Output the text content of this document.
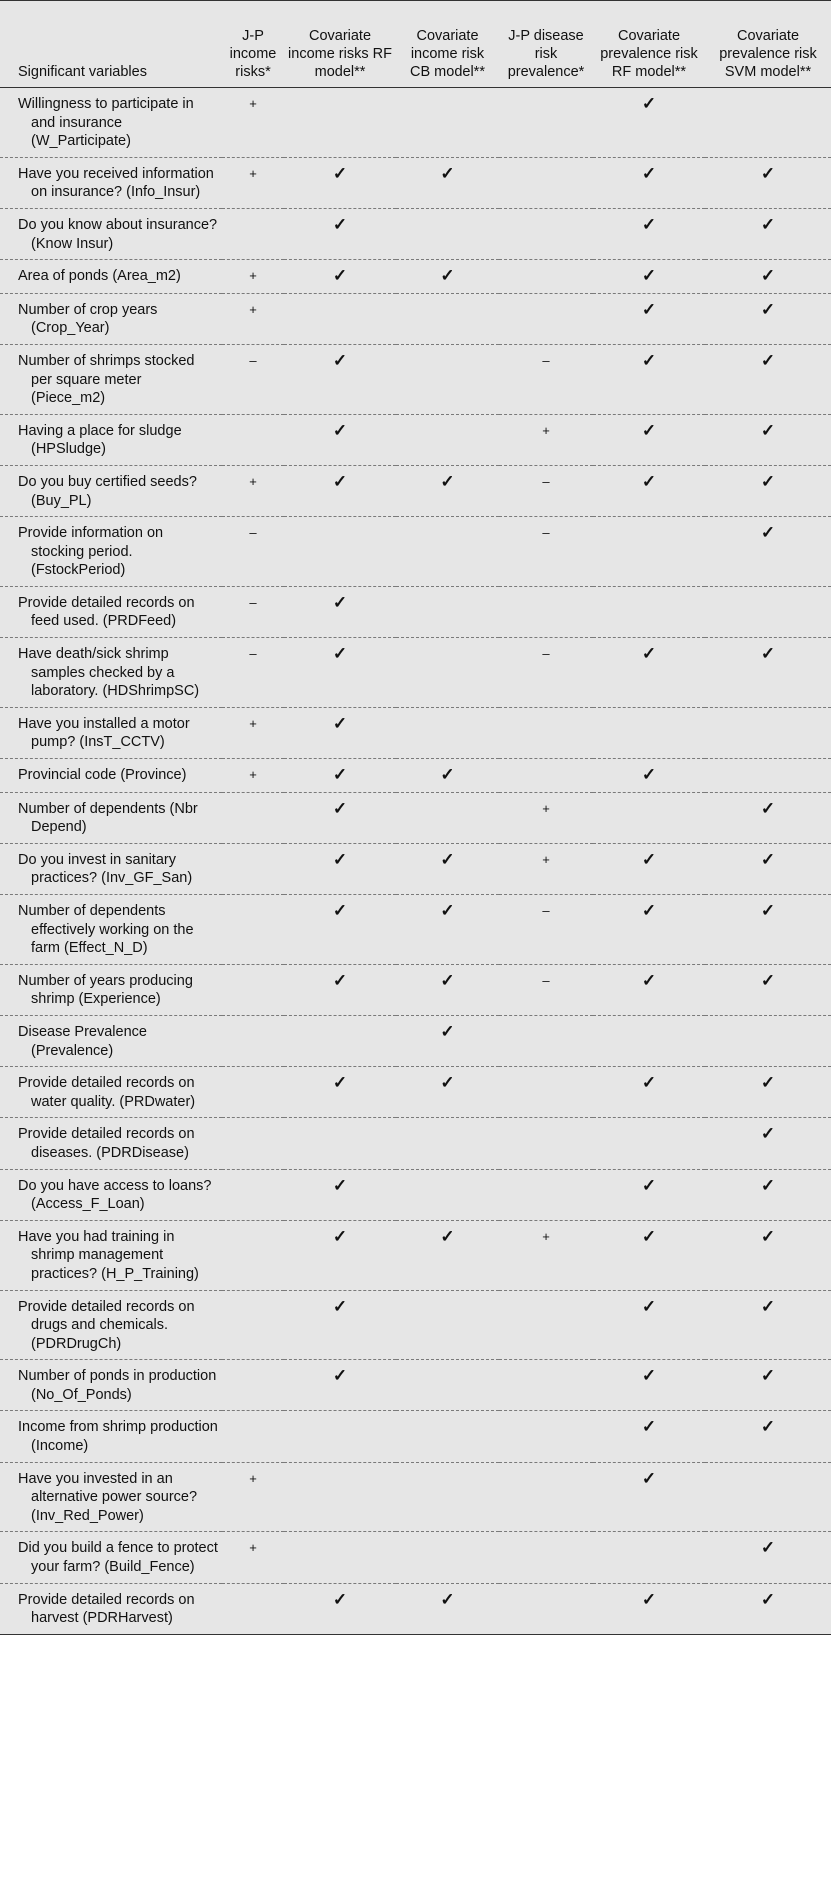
Significant variables	J-P income risks*	Covariate income risks RF model**	Covariate income risk CB model**	J-P disease risk prevalence*	Covariate prevalence risk RF model**	Covariate prevalence risk SVM model**

Willingness to participate in and insurance (W_Participate)	+				✓	

Have you received information on insurance? (Info_Insur)	+	✓	✓		✓	✓

Do you know about insurance? (Know Insur)		✓			✓	✓

Area of ponds (Area_m2)	+	✓	✓		✓	✓

Number of crop years (Crop_Year)	+				✓	✓

Number of shrimps stocked per square meter (Piece_m2)	–	✓		–	✓	✓

Having a place for sludge (HPSludge)		✓		+	✓	✓

Do you buy certified seeds? (Buy_PL)	+	✓	✓	–	✓	✓

Provide information on stocking period. (FstockPeriod)	–			–		✓

Provide detailed records on feed used. (PRDFeed)	–	✓				

Have death/sick shrimp samples checked by a laboratory. (HDShrimpSC)	–	✓		–	✓	✓

Have you installed a motor pump? (InsT_CCTV)	+	✓				

Provincial code (Province)	+	✓	✓		✓	

Number of dependents (Nbr Depend)		✓		+		✓

Do you invest in sanitary practices? (Inv_GF_San)		✓	✓	+	✓	✓

Number of dependents effectively working on the farm (Effect_N_D)		✓	✓	–	✓	✓

Number of years producing shrimp (Experience)		✓	✓	–	✓	✓

Disease Prevalence (Prevalence)			✓			

Provide detailed records on water quality. (PRDwater)		✓	✓		✓	✓

Provide detailed records on diseases. (PDRDisease)						✓

Do you have access to loans? (Access_F_Loan)		✓			✓	✓

Have you had training in shrimp management practices? (H_P_Training)		✓	✓	+	✓	✓

Provide detailed records on drugs and chemicals. (PDRDrugCh)		✓			✓	✓

Number of ponds in production (No_Of_Ponds)		✓			✓	✓

Income from shrimp production (Income)					✓	✓

Have you invested in an alternative power source? (Inv_Red_Power)	+				✓	

Did you build a fence to protect your farm? (Build_Fence)	+					✓

Provide detailed records on harvest (PDRHarvest)		✓	✓		✓	✓
